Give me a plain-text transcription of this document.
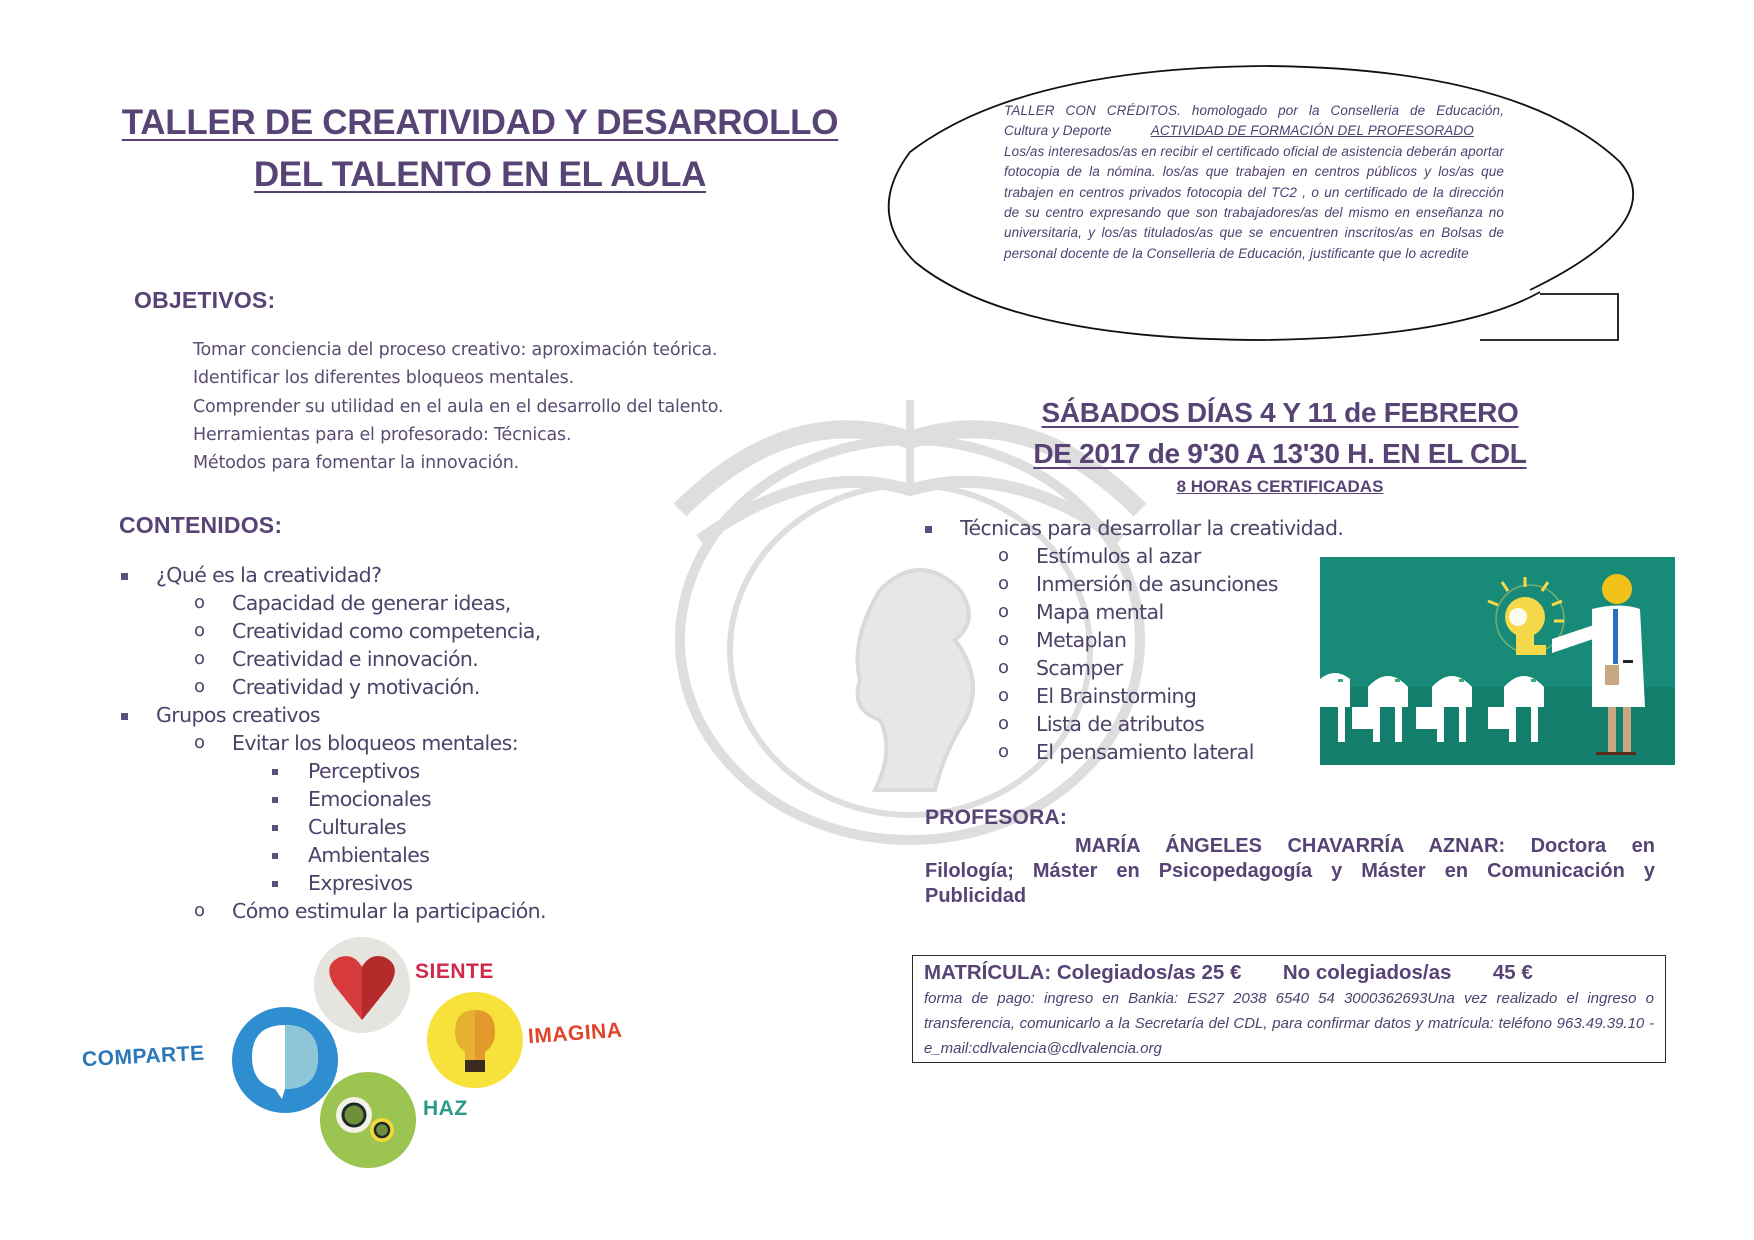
TALLER DE CREATIVIDAD Y DESARROLLO
DEL TALENTO EN EL AULA
TALLER CON CRÉDITOS. homologado por la Conselleria de Educación,
Cultura y Deporte	ACTIVIDAD DE FORMACIÓN DEL PROFESORADO
Los/as interesados/as en recibir el certificado oficial de asistencia deberán aportar fotocopia de la nómina. los/as que trabajen en centros públicos y los/as que trabajen en centros privados fotocopia del TC2 , o un certificado de la dirección de su centro expresando que son trabajadores/as del mismo en enseñanza no universitaria, y los/as titulados/as que se encuentren inscritos/as en Bolsas de personal docente de la Conselleria de Educación, justificante que lo acredite
OBJETIVOS:
Tomar conciencia del proceso creativo: aproximación teórica.
Identificar los diferentes bloqueos mentales.
Comprender su utilidad en el aula en el desarrollo del talento.
Herramientas para el profesorado: Técnicas.
Métodos para fomentar la innovación.
CONTENIDOS:
¿Qué es la creatividad?
o Capacidad de generar ideas,
o Creatividad como competencia,
o Creatividad e innovación.
o Creatividad y motivación.
Grupos creativos
o Evitar los bloqueos mentales:
Perceptivos
Emocionales
Culturales
Ambientales
Expresivos
o Cómo estimular la participación.
SÁBADOS DÍAS 4 Y 11 de FEBRERO
DE 2017 de 9'30 A 13'30 H. EN EL CDL
8 HORAS CERTIFICADAS
Técnicas para desarrollar la creatividad.
o Estímulos al azar
o Inmersión de asunciones
o Mapa mental
o Metaplan
o Scamper
o El Brainstorming
o Lista de atributos
o El pensamiento lateral
PROFESORA:
MARÍA ÁNGELES CHAVARRÍA AZNAR: Doctora en
Filología; Máster en Psicopedagogía y Máster en Comunicación y
Publicidad
MATRÍCULA: Colegiados/as 25 € No colegiados/as 45 €
forma de pago: ingreso en Bankia: ES27 2038 6540 54 3000362693Una vez realizado el ingreso o transferencia, comunicarlo a la Secretaría del CDL, para confirmar datos y matrícula: teléfono 963.49.39.10 - e_mail:cdlvalencia@cdlvalencia.org
SIENTE
COMPARTE
IMAGINA
HAZ
